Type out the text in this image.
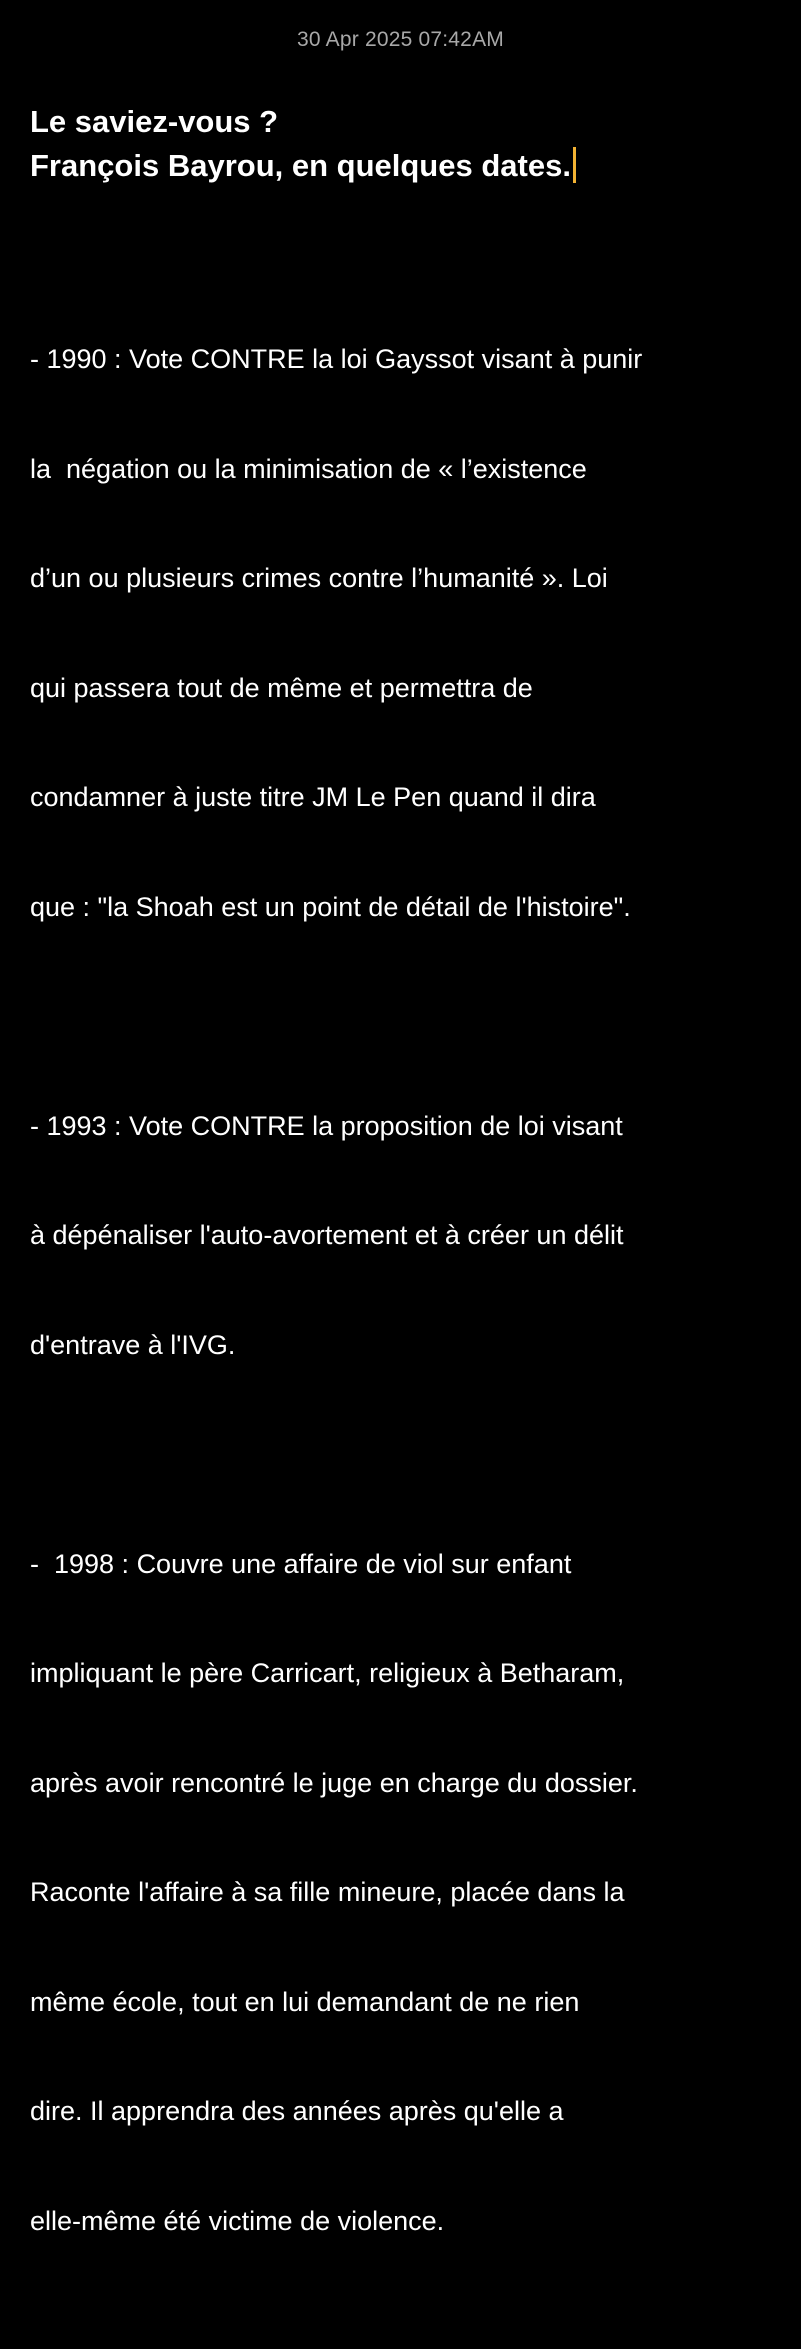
30 Apr 2025 07:42AM
Le saviez-vous ?
François Bayrou, en quelques dates.

- 1990 : Vote CONTRE la loi Gayssot visant à punir

la  négation ou la minimisation de « l’existence

d’un ou plusieurs crimes contre l’humanité ». Loi

qui passera tout de même et permettra de

condamner à juste titre JM Le Pen quand il dira

que : "la Shoah est un point de détail de l'histoire".

- 1993 : Vote CONTRE la proposition de loi visant

à dépénaliser l'auto-avortement et à créer un délit

d'entrave à l'IVG.

-  1998 : Couvre une affaire de viol sur enfant

impliquant le père Carricart, religieux à Betharam,

après avoir rencontré le juge en charge du dossier.

Raconte l'affaire à sa fille mineure, placée dans la

même école, tout en lui demandant de ne rien

dire. Il apprendra des années après qu'elle a

elle-même été victime de violence.
